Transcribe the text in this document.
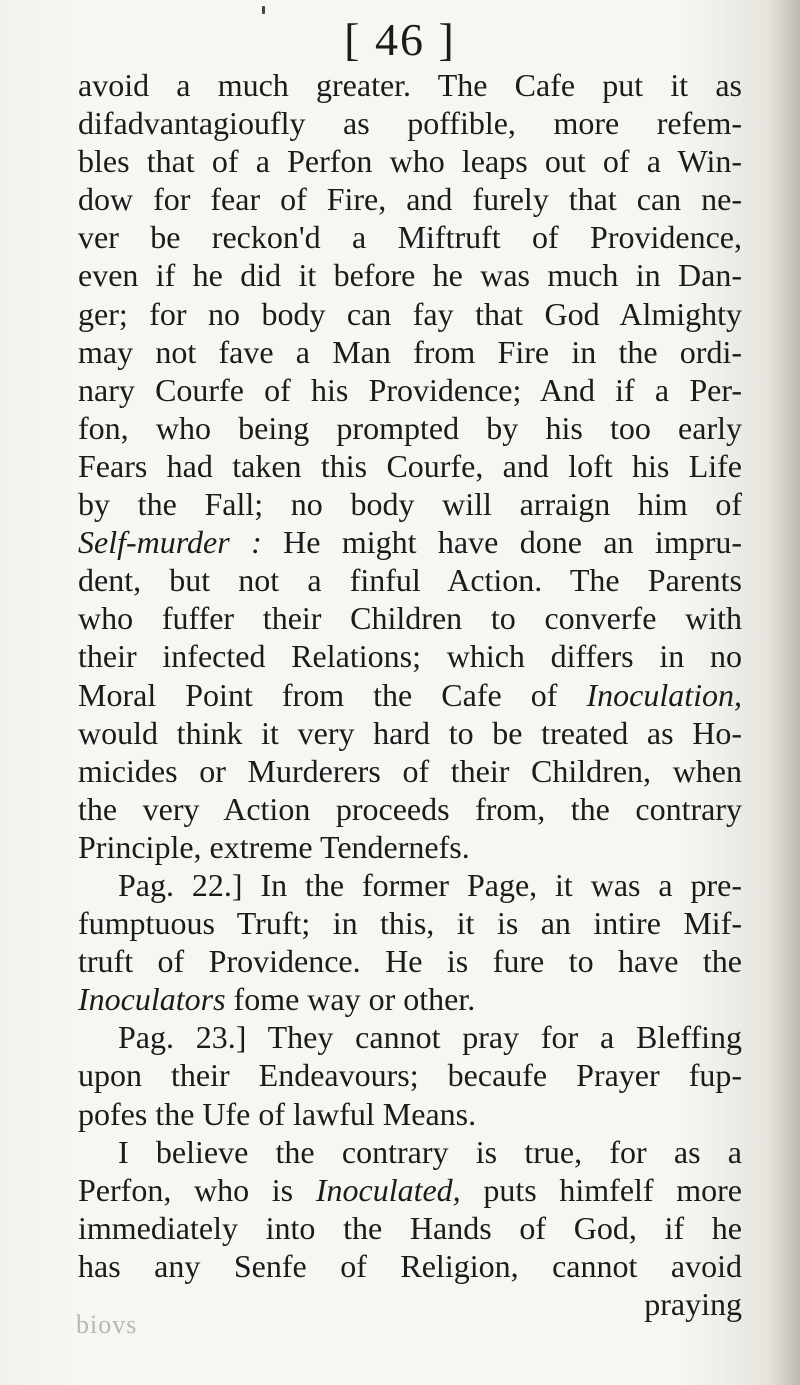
[ 46 ]
avoid a much greater. The Cafe put it as
difadvantagioufly as poffible, more refem-
bles that of a Perfon who leaps out of a Win-
dow for fear of Fire, and furely that can ne-
ver be reckon'd a Miftruft of Providence,
even if he did it before he was much in Dan-
ger; for no body can fay that God Almighty
may not fave a Man from Fire in the ordi-
nary Courfe of his Providence; And if a Per-
fon, who being prompted by his too early
Fears had taken this Courfe, and loft his Life
by the Fall; no body will arraign him of
Self-murder : He might have done an impru-
dent, but not a finful Action. The Parents
who fuffer their Children to converfe with
their infected Relations; which differs in no
Moral Point from the Cafe of Inoculation,
would think it very hard to be treated as Ho-
micides or Murderers of their Children, when
the very Action proceeds from, the contrary
Principle, extreme Tendernefs.
Pag. 22.] In the former Page, it was a pre-
fumptuous Truft; in this, it is an intire Mif-
truft of Providence. He is fure to have the
Inoculators fome way or other.
Pag. 23.] They cannot pray for a Bleffing
upon their Endeavours; becaufe Prayer fup-
pofes the Ufe of lawful Means.
I believe the contrary is true, for as a
Perfon, who is Inoculated, puts himfelf more
immediately into the Hands of God, if he
has any Senfe of Religion, cannot avoid
praying
biovs
